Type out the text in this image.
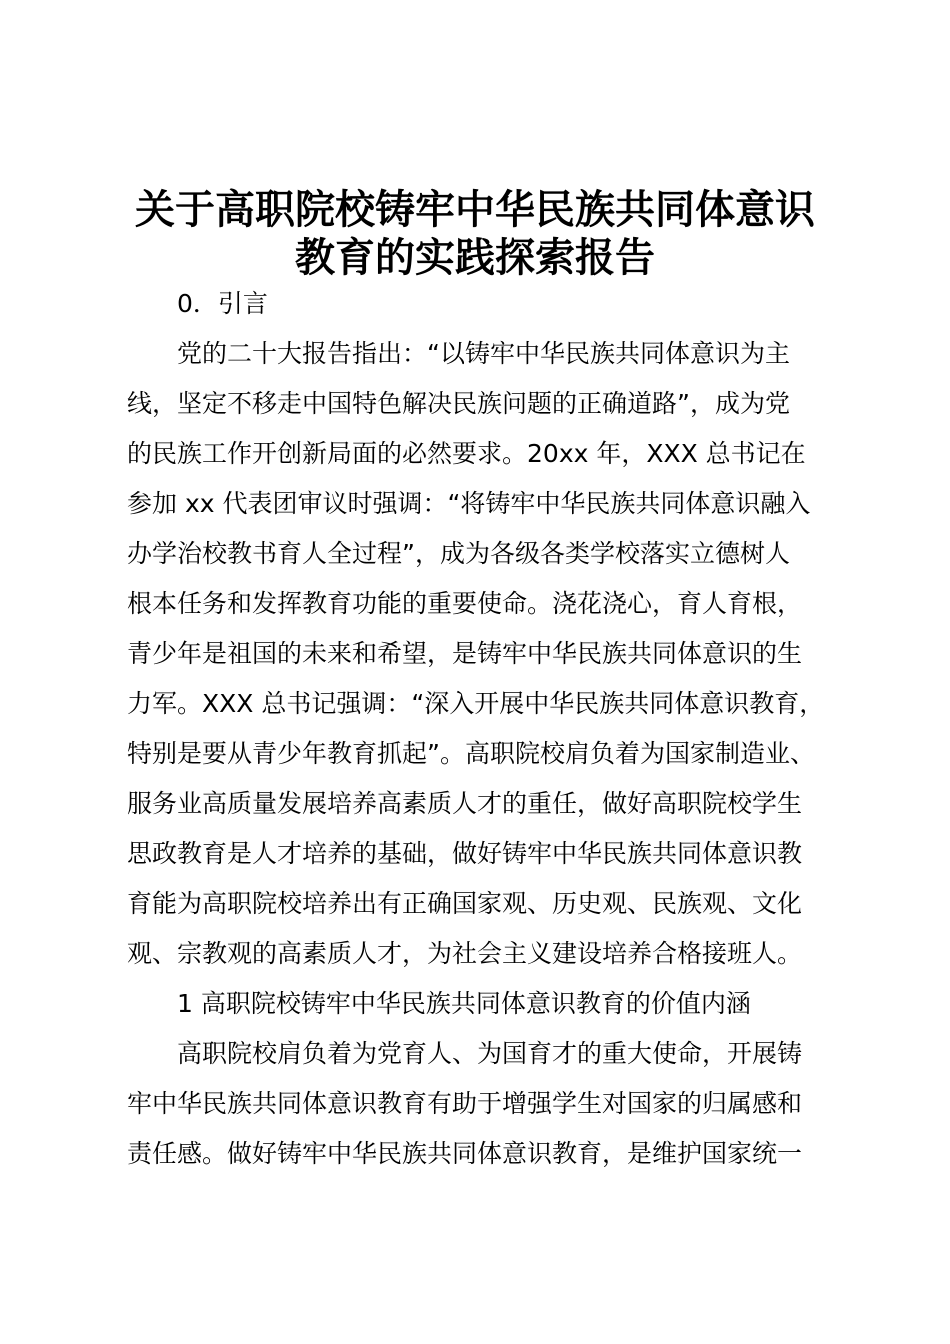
关于高职院校铸牢中华民族共同体意识
教育的实践探索报告
0．引言
党的二十大报告指出：“以铸牢中华民族共同体意识为主
线，坚定不移走中国特色解决民族问题的正确道路”，成为党
的民族工作开创新局面的必然要求。20xx 年，XXX 总书记在
参加 xx 代表团审议时强调：“将铸牢中华民族共同体意识融入
办学治校教书育人全过程”，成为各级各类学校落实立德树人
根本任务和发挥教育功能的重要使命。浇花浇心，育人育根，
青少年是祖国的未来和希望，是铸牢中华民族共同体意识的生
力军。XXX 总书记强调：“深入开展中华民族共同体意识教育，
特别是要从青少年教育抓起”。高职院校肩负着为国家制造业、
服务业高质量发展培养高素质人才的重任，做好高职院校学生
思政教育是人才培养的基础，做好铸牢中华民族共同体意识教
育能为高职院校培养出有正确国家观、历史观、民族观、文化
观、宗教观的高素质人才，为社会主义建设培养合格接班人。
1 高职院校铸牢中华民族共同体意识教育的价值内涵
高职院校肩负着为党育人、为国育才的重大使命，开展铸
牢中华民族共同体意识教育有助于增强学生对国家的归属感和
责任感。做好铸牢中华民族共同体意识教育，是维护国家统一
